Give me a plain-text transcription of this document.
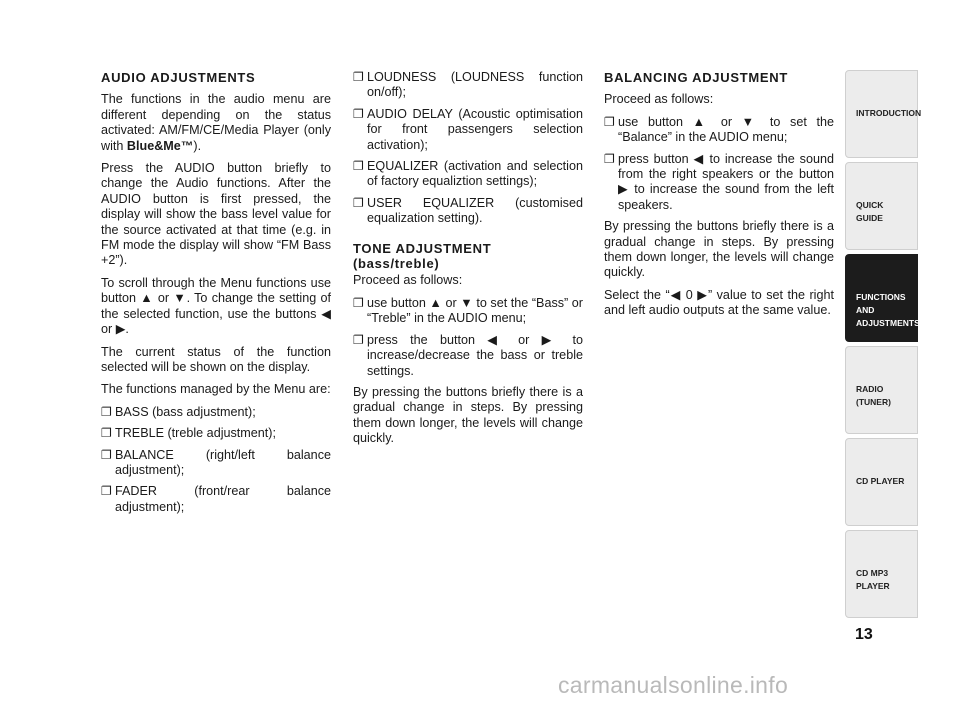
AUDIO ADJUSTMENTS

The functions in the audio menu are different depending on the status activated: AM/FM/CE/Media Player (only with Blue&Me™).

Press the AUDIO button briefly to change the Audio functions. After the AUDIO button is first pressed, the display will show the bass level value for the source activated at that time (e.g. in FM mode the display will show “FM Bass +2”).

To scroll through the Menu functions use button ▲ or ▼. To change the setting of the selected function, use the buttons ◀ or ▶.

The current status of the function selected will be shown on the display.

The functions managed by the Menu are:

❐ BASS (bass adjustment);
❐ TREBLE (treble adjustment);
❐ BALANCE (right/left balance adjustment);
❐ FADER (front/rear balance adjustment);
❐ LOUDNESS (LOUDNESS function on/off);
❐ AUDIO DELAY (Acoustic optimisation for front passengers selection activation);
❐ EQUALIZER (activation and selection of factory equaliztion settings);
❐ USER EQUALIZER (customised equalization setting).

TONE ADJUSTMENT
(bass/treble)

Proceed as follows:

❐ use button ▲ or ▼ to set the “Bass” or “Treble” in the AUDIO menu;
❐ press the button ◀ or ▶ to increase/decrease the bass or treble settings.

By pressing the buttons briefly there is a gradual change in steps. By pressing them down longer, the levels will change quickly.

BALANCING ADJUSTMENT

Proceed as follows:

❐ use button ▲ or ▼ to set the “Balance” in the AUDIO menu;
❐ press button ◀ to increase the sound from the right speakers or the button ▶ to increase the sound from the left speakers.

By pressing the buttons briefly there is a gradual change in steps. By pressing them down longer, the levels will change quickly.

Select the “◀ 0 ▶” value to set the right and left audio outputs at the same value.

INTRODUCTION
QUICK
GUIDE
FUNCTIONS
AND
ADJUSTMENTS
RADIO
(TUNER)
CD PLAYER
CD MP3
PLAYER
13
carmanualsonline.info
